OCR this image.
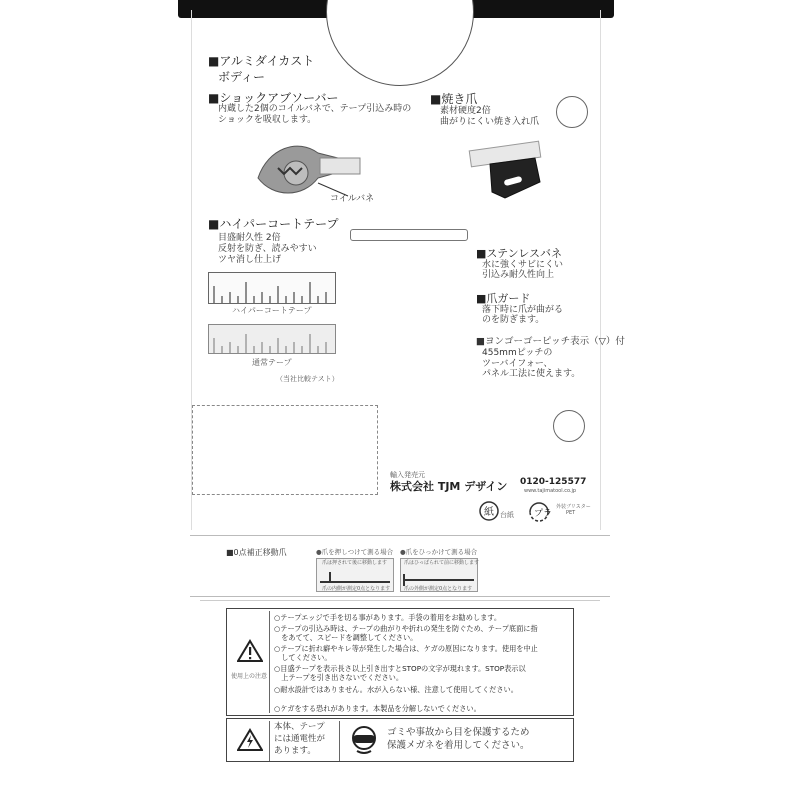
■アルミダイカスト
ボディー
■ショックアブソーバー
内蔵した2個のコイルバネで、テープ引込み時の
ショックを吸収します。
コイルバネ
■焼き爪
素材硬度2倍
曲がりにくい焼き入れ爪
■ハイパーコートテープ
目盛耐久性 2倍
反射を防ぎ、読みやすい
ツヤ消し仕上げ
ハイパーコートテープ
通常テープ
（当社比較テスト）
■ステンレスバネ
水に強くサビにくい
引込み耐久性向上
■爪ガード
落下時に爪が曲がる
のを防ぎます。
■ヨンゴーゴーピッチ表示（▽）付
455mmピッチの
ツーバイフォー、
パネル工法に使えます。
輸入発売元
株式会社 TJM デザイン 0120-125577
www.tajimatool.co.jp
紙 台紙 プラ
外装ブリスター
PET
■0点補正移動爪	●爪を押しつけて測る場合 ●爪をひっかけて測る場合
爪は押されて後に移動します
爪の内側が測定0点となります
爪はひっぱられて前に移動します
爪の外側が測定0点となります
使用上の注意
○テープエッジで手を切る事があります。手袋の着用をお勧めします。
○テープの引込み時は、テープの曲がりや折れの発生を防ぐため、テープ底面に指
　をあてて、スピードを調整してください。
○テープに折れ癖やキレ等が発生した場合は、ケガの原因になります。使用を中止
　してください。
○目盛テープを表示長さ以上引き出すとSTOPの文字が現れます。STOP表示以
　上テープを引き出さないでください。
○耐水設計ではありません。水が入らない様、注意して使用してください。
○ケガをする恐れがあります。本製品を分解しないでください。
本体、テープ
には通電性が
あります。
ゴミや事故から目を保護するため
保護メガネを着用してください。
